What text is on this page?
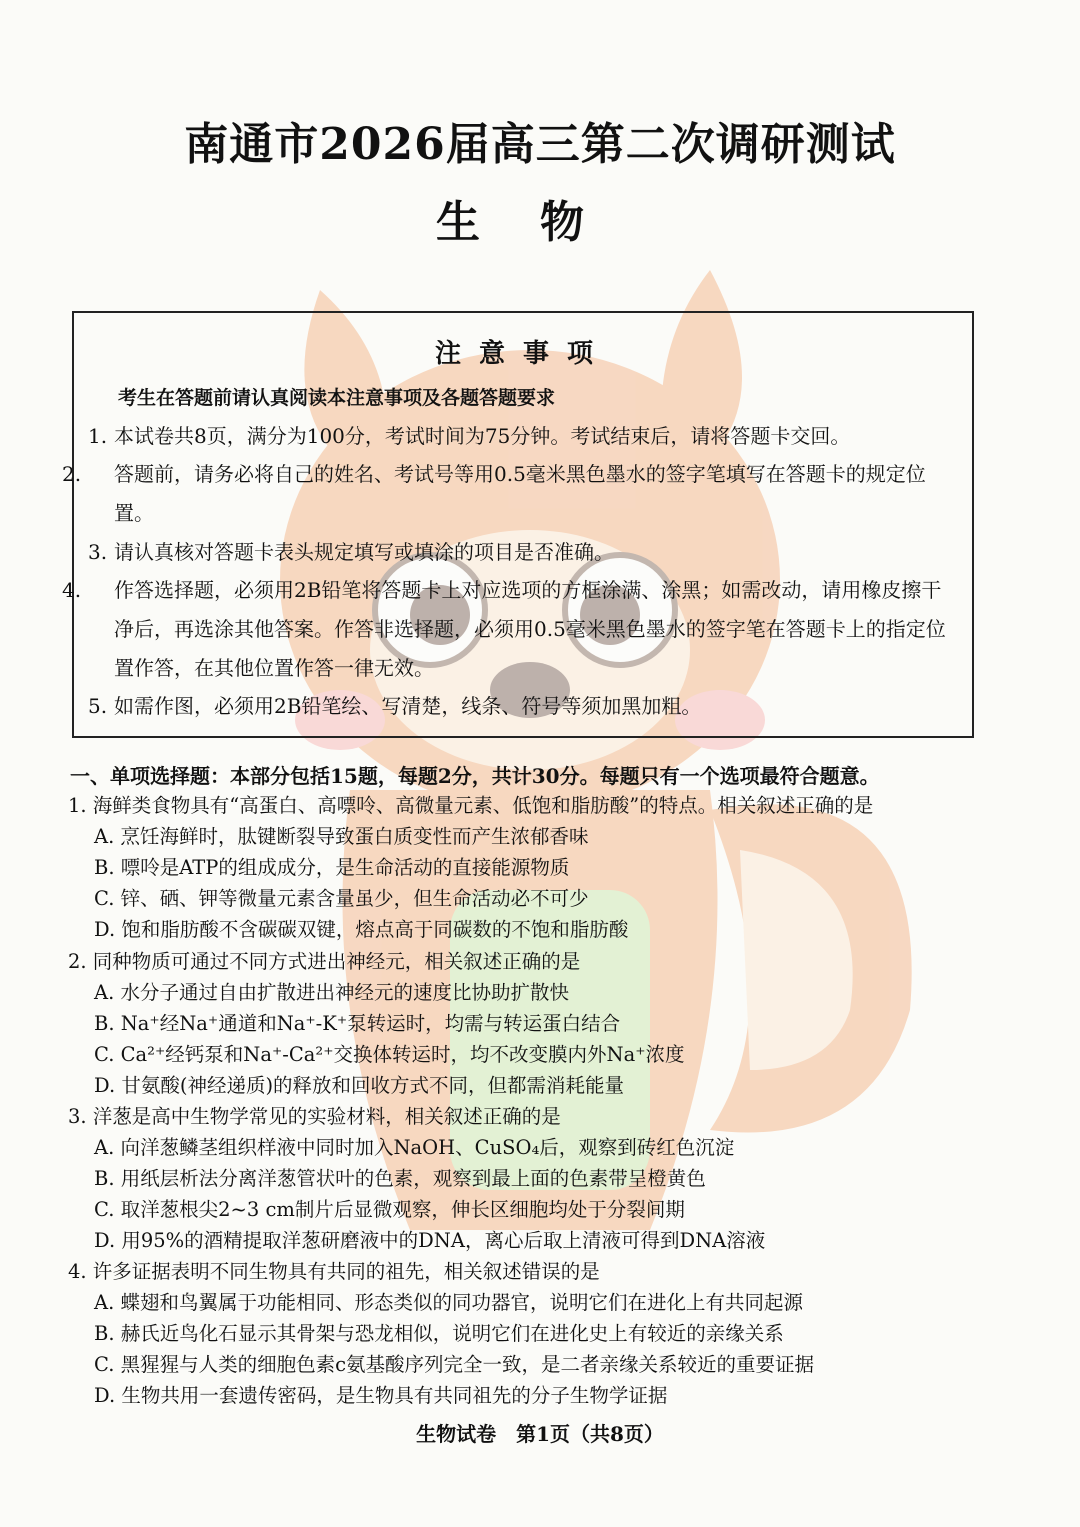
南通市2026届高三第二次调研测试
生物
注意事项
考生在答题前请认真阅读本注意事项及各题答题要求
1. 本试卷共8页，满分为100分，考试时间为75分钟。考试结束后，请将答题卡交回。
2. 答题前，请务必将自己的姓名、考试号等用0.5毫米黑色墨水的签字笔填写在答题卡的规定位置。
3. 请认真核对答题卡表头规定填写或填涂的项目是否准确。
4. 作答选择题，必须用2B铅笔将答题卡上对应选项的方框涂满、涂黑；如需改动，请用橡皮擦干净后，再选涂其他答案。作答非选择题，必须用0.5毫米黑色墨水的签字笔在答题卡上的指定位置作答，在其他位置作答一律无效。
5. 如需作图，必须用2B铅笔绘、写清楚，线条、符号等须加黑加粗。
一、单项选择题：本部分包括15题，每题2分，共计30分。每题只有一个选项最符合题意。
1. 海鲜类食物具有“高蛋白、高嘌呤、高微量元素、低饱和脂肪酸”的特点。相关叙述正确的是
A. 烹饪海鲜时，肽键断裂导致蛋白质变性而产生浓郁香味
B. 嘌呤是ATP的组成成分，是生命活动的直接能源物质
C. 锌、硒、钾等微量元素含量虽少，但生命活动必不可少
D. 饱和脂肪酸不含碳碳双键，熔点高于同碳数的不饱和脂肪酸
2. 同种物质可通过不同方式进出神经元，相关叙述正确的是
A. 水分子通过自由扩散进出神经元的速度比协助扩散快
B. Na⁺经Na⁺通道和Na⁺-K⁺泵转运时，均需与转运蛋白结合
C. Ca²⁺经钙泵和Na⁺-Ca²⁺交换体转运时，均不改变膜内外Na⁺浓度
D. 甘氨酸(神经递质)的释放和回收方式不同，但都需消耗能量
3. 洋葱是高中生物学常见的实验材料，相关叙述正确的是
A. 向洋葱鳞茎组织样液中同时加入NaOH、CuSO₄后，观察到砖红色沉淀
B. 用纸层析法分离洋葱管状叶的色素，观察到最上面的色素带呈橙黄色
C. 取洋葱根尖2~3 cm制片后显微观察，伸长区细胞均处于分裂间期
D. 用95%的酒精提取洋葱研磨液中的DNA，离心后取上清液可得到DNA溶液
4. 许多证据表明不同生物具有共同的祖先，相关叙述错误的是
A. 蝶翅和鸟翼属于功能相同、形态类似的同功器官，说明它们在进化上有共同起源
B. 赫氏近鸟化石显示其骨架与恐龙相似，说明它们在进化史上有较近的亲缘关系
C. 黑猩猩与人类的细胞色素c氨基酸序列完全一致，是二者亲缘关系较近的重要证据
D. 生物共用一套遗传密码，是生物具有共同祖先的分子生物学证据
生物试卷　第1页（共8页）
